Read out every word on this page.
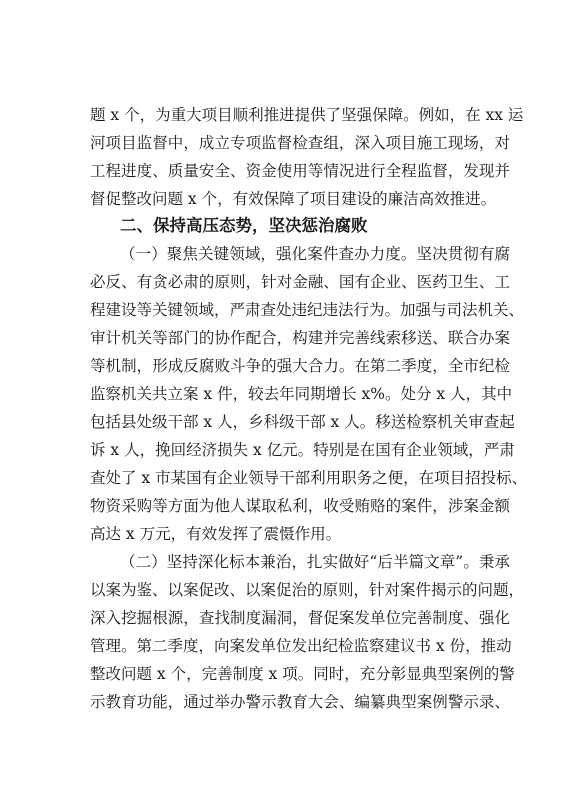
题 x 个，为重大项目顺利推进提供了坚强保障。例如，在 xx 运
河项目监督中，成立专项监督检查组，深入项目施工现场，对
工程进度、质量安全、资金使用等情况进行全程监督，发现并
督促整改问题 x 个，有效保障了项目建设的廉洁高效推进。
二、保持高压态势，坚决惩治腐败
（一）聚焦关键领域，强化案件查办力度。坚决贯彻有腐
必反、有贪必肃的原则，针对金融、国有企业、医药卫生、工
程建设等关键领域，严肃查处违纪违法行为。加强与司法机关、
审计机关等部门的协作配合，构建并完善线索移送、联合办案
等机制，形成反腐败斗争的强大合力。在第二季度，全市纪检
监察机关共立案 x 件，较去年同期增长 x%。处分 x 人，其中
包括县处级干部 x 人，乡科级干部 x 人。移送检察机关审查起
诉 x 人，挽回经济损失 x 亿元。特别是在国有企业领域，严肃
查处了 x 市某国有企业领导干部利用职务之便，在项目招投标、
物资采购等方面为他人谋取私利，收受贿赂的案件，涉案金额
高达 x 万元，有效发挥了震慑作用。
（二）坚持深化标本兼治，扎实做好“后半篇文章”。秉承
以案为鉴、以案促改、以案促治的原则，针对案件揭示的问题，
深入挖掘根源，查找制度漏洞，督促案发单位完善制度、强化
管理。第二季度，向案发单位发出纪检监察建议书 x 份，推动
整改问题 x 个，完善制度 x 项。同时，充分彰显典型案例的警
示教育功能，通过举办警示教育大会、编纂典型案例警示录、
